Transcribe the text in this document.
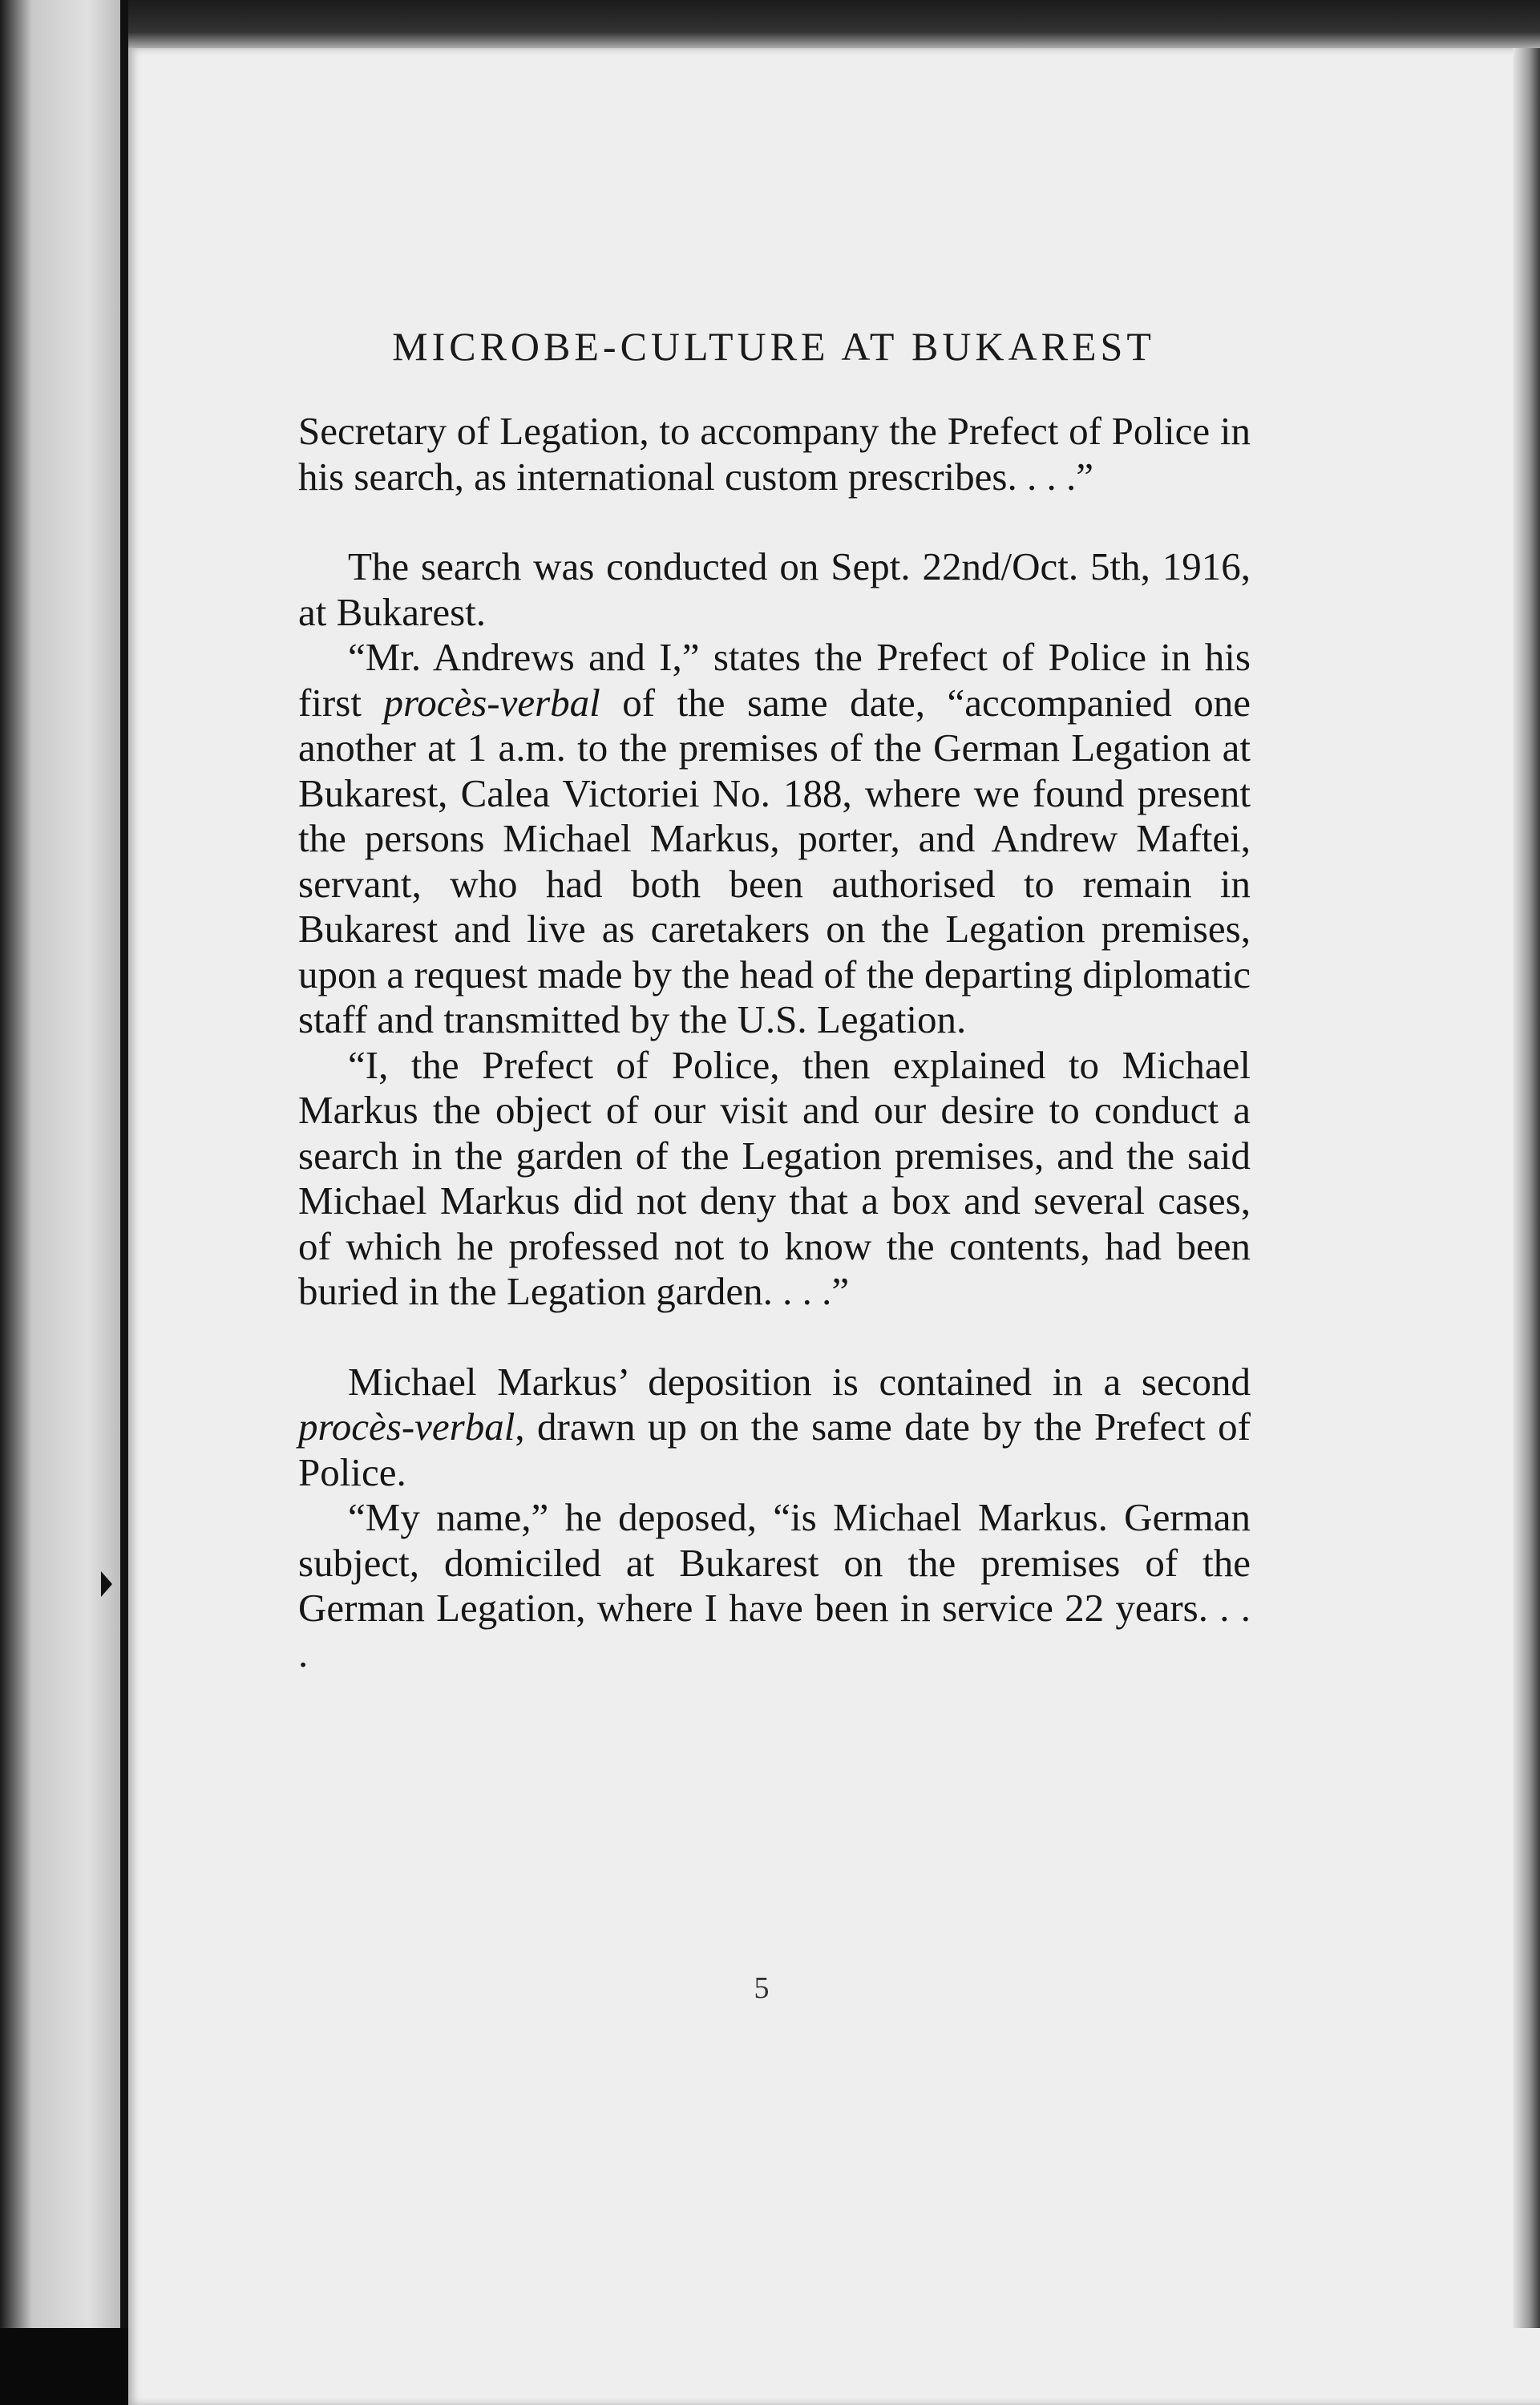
MICROBE-CULTURE AT BUKAREST

Secretary of Legation, to accompany the Prefect of Police in his search, as international custom prescribes. . . .”

The search was conducted on Sept. 22nd/Oct. 5th, 1916, at Bukarest.

“Mr. Andrews and I,” states the Prefect of Police in his first procès-verbal of the same date, “accompanied one another at 1 a.m. to the premises of the German Legation at Bukarest, Calea Victoriei No. 188, where we found present the persons Michael Markus, porter, and Andrew Maftei, servant, who had both been authorised to remain in Bukarest and live as caretakers on the Legation premises, upon a request made by the head of the departing diplomatic staff and transmitted by the U.S. Legation.

“I, the Prefect of Police, then explained to Michael Markus the object of our visit and our desire to conduct a search in the garden of the Legation premises, and the said Michael Markus did not deny that a box and several cases, of which he professed not to know the contents, had been buried in the Legation garden. . . .”

Michael Markus’ deposition is contained in a second procès-verbal, drawn up on the same date by the Prefect of Police.

“My name,” he deposed, “is Michael Markus. German subject, domiciled at Bukarest on the premises of the German Legation, where I have been in service 22 years. . . .

5
